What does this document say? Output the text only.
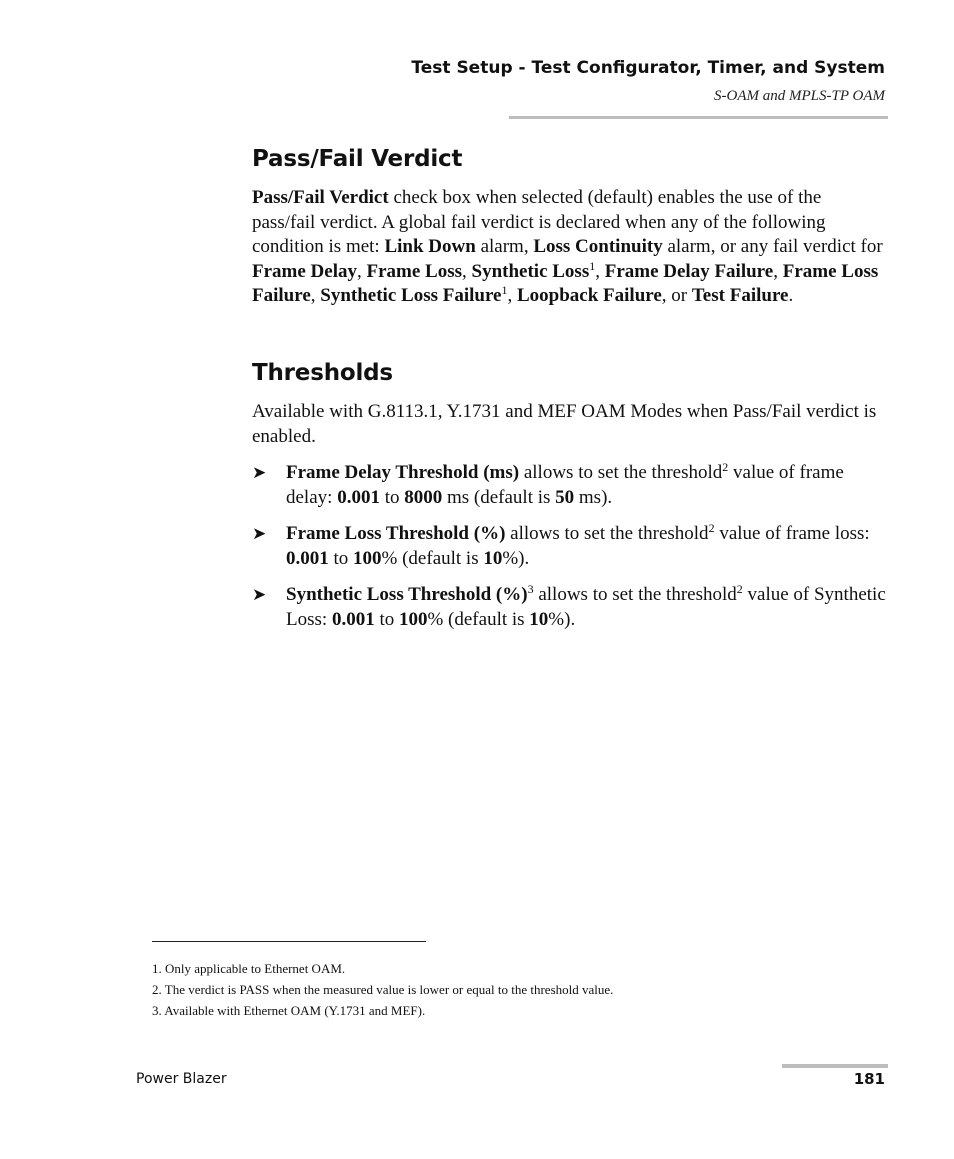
Test Setup - Test Configurator, Timer, and System
S-OAM and MPLS-TP OAM
Pass/Fail Verdict

Pass/Fail Verdict check box when selected (default) enables the use of the pass/fail verdict. A global fail verdict is declared when any of the following condition is met: Link Down alarm, Loss Continuity alarm, or any fail verdict for Frame Delay, Frame Loss, Synthetic Loss$^1$, Frame Delay Failure, Frame Loss Failure, Synthetic Loss Failure$^1$, Loopback Failure, or Test Failure.

Thresholds

Available with G.8113.1, Y.1731 and MEF OAM Modes when Pass/Fail verdict is enabled.

➤ Frame Delay Threshold (ms) allows to set the threshold$^2$ value of frame delay: 0.001 to 8000 ms (default is 50 ms).
➤ Frame Loss Threshold (%) allows to set the threshold$^2$ value of frame loss: 0.001 to 100% (default is 10%).
➤ Synthetic Loss Threshold (%)$^3$ allows to set the threshold$^2$ value of Synthetic Loss: 0.001 to 100% (default is 10%).
1. Only applicable to Ethernet OAM.
2. The verdict is PASS when the measured value is lower or equal to the threshold value.
3. Available with Ethernet OAM (Y.1731 and MEF).
Power Blazer	181
